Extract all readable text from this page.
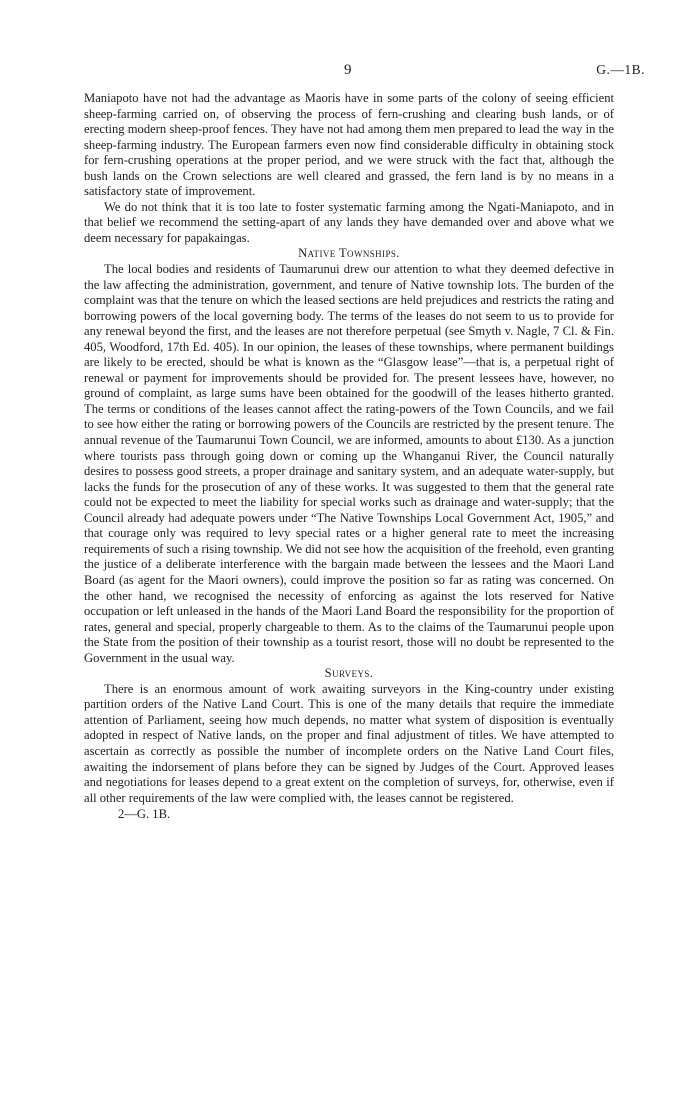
9	G.—1B.

Maniapoto have not had the advantage as Maoris have in some parts of the colony of seeing efficient sheep-farming carried on, of observing the process of fern-crushing and clearing bush lands, or of erecting modern sheep-proof fences. They have not had among them men prepared to lead the way in the sheep-farming industry. The European farmers even now find considerable difficulty in obtaining stock for fern-crushing operations at the proper period, and we were struck with the fact that, although the bush lands on the Crown selections are well cleared and grassed, the fern land is by no means in a satisfactory state of improvement.

We do not think that it is too late to foster systematic farming among the Ngati-Maniapoto, and in that belief we recommend the setting-apart of any lands they have demanded over and above what we deem necessary for papakaingas.

Native Townships.

The local bodies and residents of Taumarunui drew our attention to what they deemed defective in the law affecting the administration, government, and tenure of Native township lots. The burden of the complaint was that the tenure on which the leased sections are held prejudices and restricts the rating and borrowing powers of the local governing body. The terms of the leases do not seem to us to provide for any renewal beyond the first, and the leases are not therefore perpetual (see Smyth v. Nagle, 7 Cl. & Fin. 405, Woodford, 17th Ed. 405). In our opinion, the leases of these townships, where permanent buildings are likely to be erected, should be what is known as the “Glasgow lease”—that is, a perpetual right of renewal or payment for improvements should be provided for. The present lessees have, however, no ground of complaint, as large sums have been obtained for the goodwill of the leases hitherto granted. The terms or conditions of the leases cannot affect the rating-powers of the Town Councils, and we fail to see how either the rating or borrowing powers of the Councils are restricted by the present tenure. The annual revenue of the Taumarunui Town Council, we are informed, amounts to about £130. As a junction where tourists pass through going down or coming up the Whanganui River, the Council naturally desires to possess good streets, a proper drainage and sanitary system, and an adequate water-supply, but lacks the funds for the prosecution of any of these works. It was suggested to them that the general rate could not be expected to meet the liability for special works such as drainage and water-supply; that the Council already had adequate powers under “The Native Townships Local Government Act, 1905,” and that courage only was required to levy special rates or a higher general rate to meet the increasing requirements of such a rising township. We did not see how the acquisition of the freehold, even granting the justice of a deliberate interference with the bargain made between the lessees and the Maori Land Board (as agent for the Maori owners), could improve the position so far as rating was concerned. On the other hand, we recognised the necessity of enforcing as against the lots reserved for Native occupation or left unleased in the hands of the Maori Land Board the responsibility for the proportion of rates, general and special, properly chargeable to them. As to the claims of the Taumarunui people upon the State from the position of their township as a tourist resort, those will no doubt be represented to the Government in the usual way.

Surveys.

There is an enormous amount of work awaiting surveyors in the King-country under existing partition orders of the Native Land Court. This is one of the many details that require the immediate attention of Parliament, seeing how much depends, no matter what system of disposition is eventually adopted in respect of Native lands, on the proper and final adjustment of titles. We have attempted to ascertain as correctly as possible the number of incomplete orders on the Native Land Court files, awaiting the indorsement of plans before they can be signed by Judges of the Court. Approved leases and negotiations for leases depend to a great extent on the completion of surveys, for, otherwise, even if all other requirements of the law were complied with, the leases cannot be registered.

2—G. 1B.
